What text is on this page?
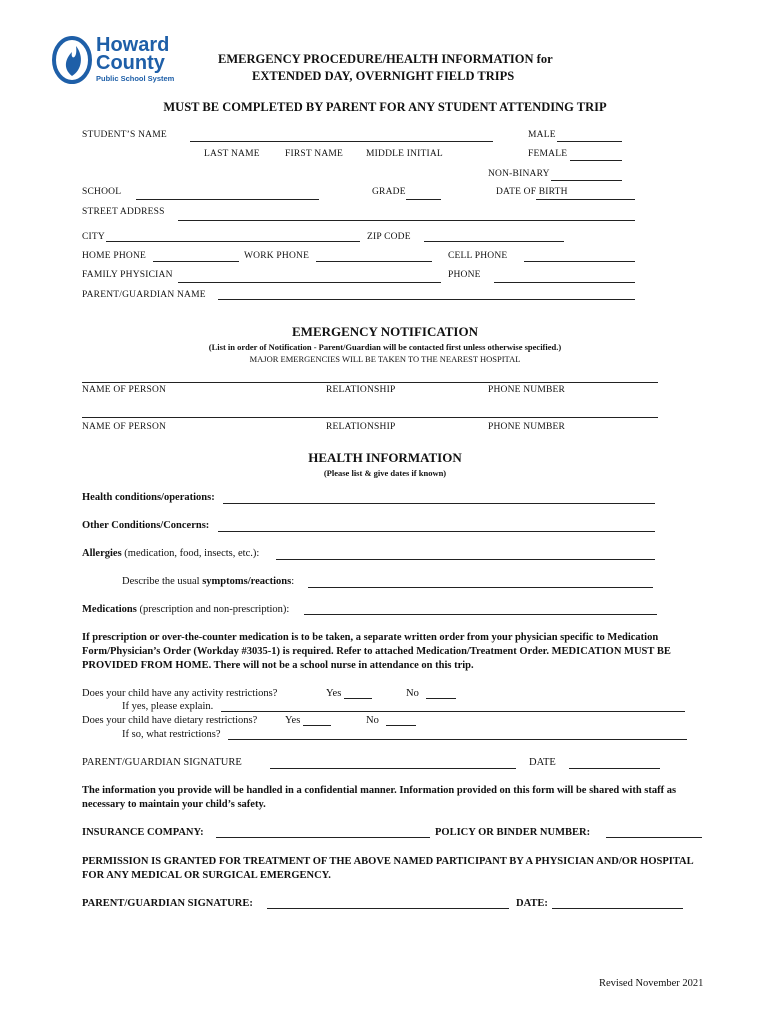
Howard
County
Public School System
EMERGENCY PROCEDURE/HEALTH INFORMATION for
EXTENDED DAY, OVERNIGHT FIELD TRIPS
MUST BE COMPLETED BY PARENT FOR ANY STUDENT ATTENDING TRIP
STUDENT’S NAME	MALE
LAST NAME	FIRST NAME MIDDLE INITIAL	FEMALE
NON-BINARY
SCHOOL	GRADE	DATE OF BIRTH
STREET ADDRESS
CITY	ZIP CODE
HOME PHONE	WORK PHONE	CELL PHONE
FAMILY PHYSICIAN	PHONE
PARENT/GUARDIAN NAME
EMERGENCY NOTIFICATION
(List in order of Notification - Parent/Guardian will be contacted first unless otherwise specified.)
MAJOR EMERGENCIES WILL BE TAKEN TO THE NEAREST HOSPITAL
NAME OF PERSON	RELATIONSHIP	PHONE NUMBER
NAME OF PERSON	RELATIONSHIP	PHONE NUMBER
HEALTH INFORMATION
(Please list & give dates if known)
Health conditions/operations:
Other Conditions/Concerns:
Allergies (medication, food, insects, etc.):
Describe the usual symptoms/reactions:
Medications (prescription and non-prescription):
If prescription or over-the-counter medication is to be taken, a separate written order from your physician specific to Medication Form/Physician’s Order (Workday #3035-1) is required. Refer to attached Medication/Treatment Order. MEDICATION MUST BE PROVIDED FROM HOME. There will not be a school nurse in attendance on this trip.
Does your child have any activity restrictions?	Yes	No
If yes, please explain.
Does your child have dietary restrictions?	Yes	No
If so, what restrictions?
PARENT/GUARDIAN SIGNATURE	DATE
The information you provide will be handled in a confidential manner. Information provided on this form will be shared with staff as necessary to maintain your child’s safety.
INSURANCE COMPANY:	POLICY OR BINDER NUMBER:
PERMISSION IS GRANTED FOR TREATMENT OF THE ABOVE NAMED PARTICIPANT BY A PHYSICIAN AND/OR HOSPITAL FOR ANY MEDICAL OR SURGICAL EMERGENCY.
PARENT/GUARDIAN SIGNATURE:	DATE:
Revised November 2021
